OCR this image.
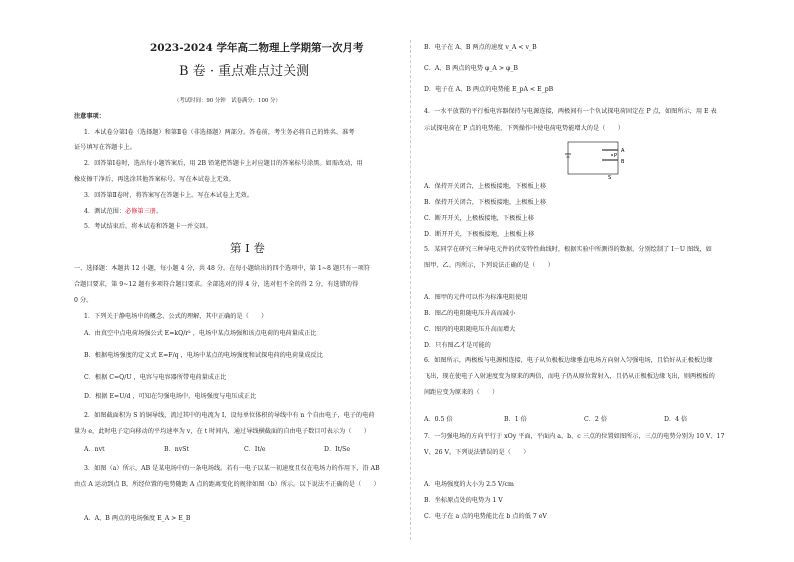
2023-2024 学年高二物理上学期第一次月考
B 卷 · 重点难点过关测
（考试时间：90 分钟　试卷满分：100 分）
注意事项：
1．本试卷分第Ⅰ卷（选择题）和第Ⅱ卷（非选择题）两部分。答卷前，考生务必将自己的姓名、准考
证号填写在答题卡上。
2．回答第Ⅰ卷时，选出每小题答案后，用 2B 铅笔把答题卡上对应题目的答案标号涂黑。如需改动，用
橡皮擦干净后，再选涂其他答案标号。写在本试卷上无效。
3．回答第Ⅱ卷时，将答案写在答题卡上。写在本试卷上无效。
4．测试范围：必修第三册。
5．考试结束后，将本试卷和答题卡一并交回。
第 Ⅰ 卷
一、选择题：本题共 12 小题，每小题 4 分，共 48 分。在每小题给出的四个选项中，第 1~8 题只有一项符
合题目要求，第 9~12 题有多项符合题目要求。全部选对的得 4 分，选对但不全的得 2 分，有选错的得
0 分。
1．下列关于静电场中的概念、公式的理解，其中正确的是（　　）
A．由真空中点电荷场强公式 E=kQ/r² ，电场中某点场强和该点电荷的电荷量成正比
B．根据电场强度的定义式 E=F/q ，电场中某点的电场强度和试探电荷的电荷量成反比
C．根据 C=Q/U ，电容与电容器所带电荷量成正比
D．根据 E=U/d ，可知在匀强电场中，电场强度与电压成正比
2．如图截面积为 S 的铜导线，流过其中的电流为 I，设每单位体积的导线中有 n 个自由电子，电子的电荷
量为 e，此时电子定向移动的平均速率为 v，在 t 时间内，通过导线横截面的自由电子数目可表示为（　　）
A．nvt	B．nvSt	C．It/e	D．It/Se
3．如图（a）所示，AB 是某电场中的一条电场线。若有一电子以某一初速度且仅在电场力的作用下，沿 AB
由点 A 运动到点 B，所经位置的电势随距 A 点的距离变化的规律如图（b）所示。以下说法不正确的是（　　）
A．A、B 两点的电场强度 E_A > E_B
B．电子在 A、B 两点的速度 v_A < v_B
C．A、B 两点的电势 φ_A > φ_B
D．电子在 A、B 两点的电势能 E_pA < E_pB
4．一水平放置的平行板电容器保持与电源连接，两极间有一个负试探电荷固定在 P 点，如图所示，用 E 表
示试探电荷在 P 点的电势能，下列操作中使电荷电势能增大的是（　　）
A
P
B
S
A．保持开关闭合，上极板接地，下极板上移
B．保持开关闭合，下极板接地，上极板上移
C．断开开关，上极板接地，下极板上移
D．断开开关，下极板接地，上极板上移
5．某同学在研究三种导电元件的伏安特性曲线时，根据实验中所测得的数据，分别绘制了 I－U 图线，如
图甲、乙、丙所示，下列说法正确的是（　　）
A．图甲的元件可以作为标准电阻使用
B．图乙的电阻随电压升高而减小
C．图丙的电阻随电压升高而增大
D．只有图乙才是可能的
6．如图所示，两极板与电源相连接，电子从负极板边缘垂直电场方向射入匀强电场，且恰好从正极板边缘
飞出，现在使电子入射速度变为原来的两倍，而电子仍从原位置射入，且仍从正极板边缘飞出，则两极板的
间距应变为原来的（　　）
A．0.5 倍	B．1 倍	C．2 倍	D．4 倍
7．一匀强电场的方向平行于 xOy 平面，平面内 a、b、c 三点的位置如图所示，三点的电势分别为 10 V、17
V、26 V。下列说法错误的是（　　）
A．电场强度的大小为 2.5 V/cm
B．坐标原点处的电势为 1 V
C．电子在 a 点的电势能比在 b 点的低 7 eV
